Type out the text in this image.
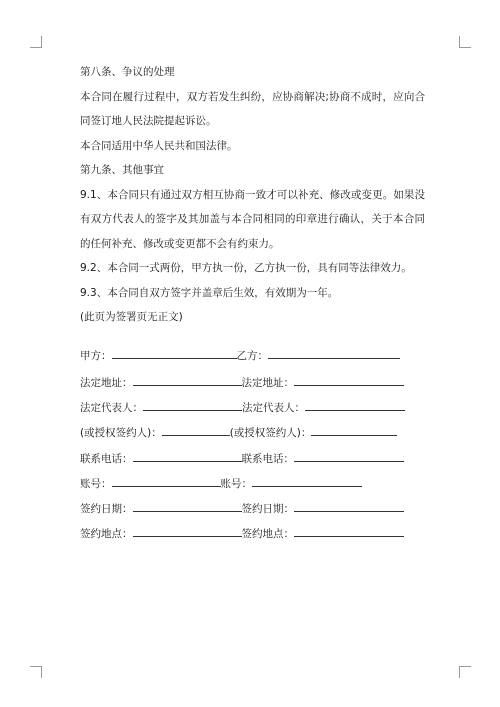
第八条、争议的处理

本合同在履行过程中，双方若发生纠纷，应协商解决;协商不成时，应向合同签订地人民法院提起诉讼。

本合同适用中华人民共和国法律。

第九条、其他事宜

9.1、本合同只有通过双方相互协商一致才可以补充、修改或变更。如果没有双方代表人的签字及其加盖与本合同相同的印章进行确认，关于本合同的任何补充、修改或变更都不会有约束力。

9.2、本合同一式两份，甲方执一份，乙方执一份，具有同等法律效力。

9.3、本合同自双方签字并盖章后生效，有效期为一年。

(此页为签署页无正文)

甲方：	乙方：
法定地址：	法定地址：
法定代表人：	法定代表人：
(或授权签约人)：	(或授权签约人)：
联系电话：	联系电话：
账号：	账号：
签约日期：	签约日期：
签约地点：	签约地点：
